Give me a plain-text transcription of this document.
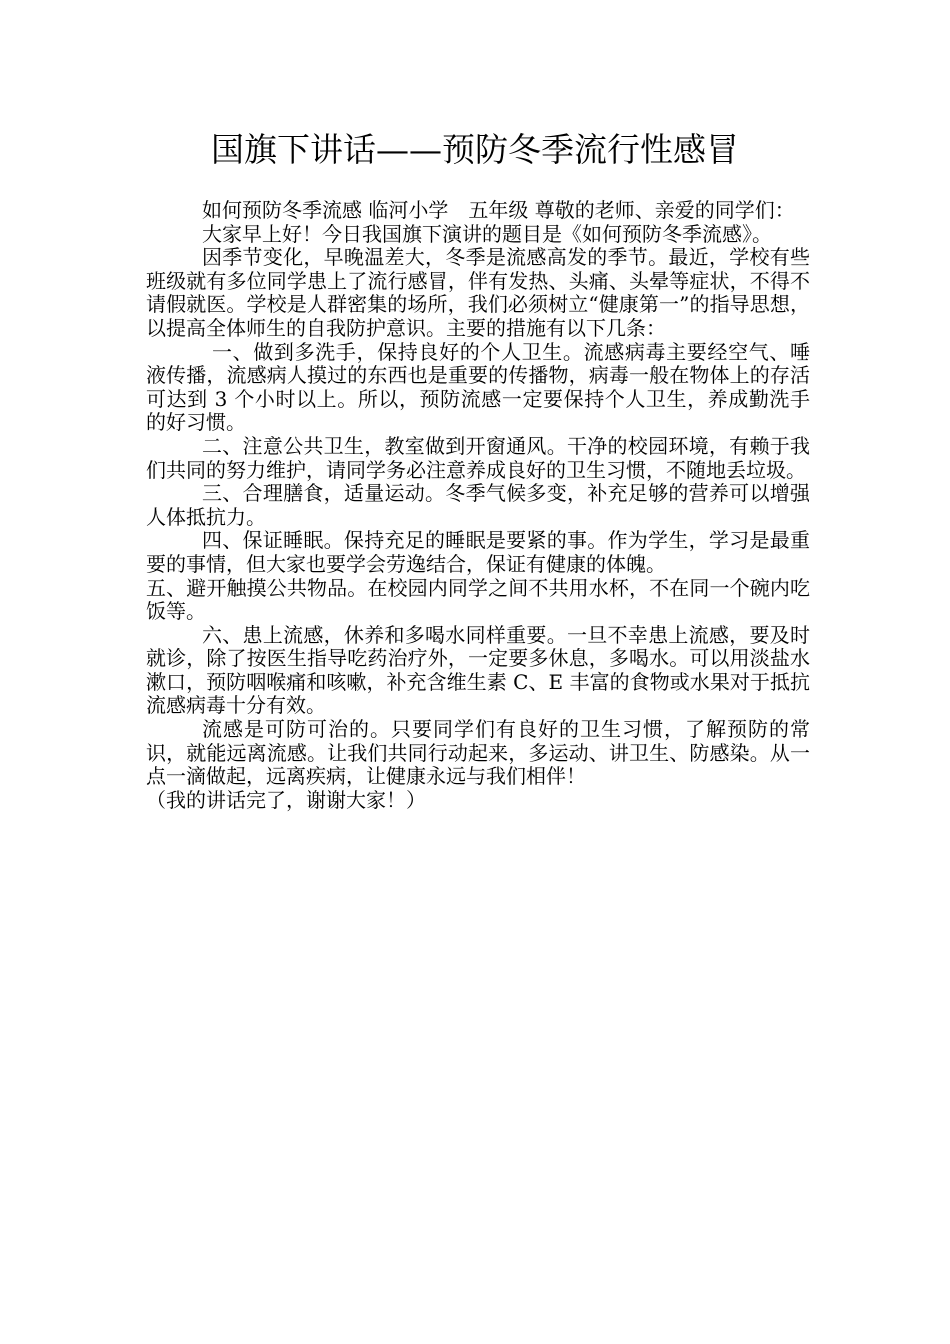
国旗下讲话——预防冬季流行性感冒

如何预防冬季流感 临河小学　五年级 尊敬的老师、亲爱的同学们：

大家早上好！今日我国旗下演讲的题目是《如何预防冬季流感》。

因季节变化，早晚温差大，冬季是流感高发的季节。最近，学校有些班级就有多位同学患上了流行感冒，伴有发热、头痛、头晕等症状，不得不请假就医。学校是人群密集的场所，我们必须树立“健康第一”的指导思想，以提高全体师生的自我防护意识。主要的措施有以下几条：

一、做到多洗手，保持良好的个人卫生。流感病毒主要经空气、唾液传播，流感病人摸过的东西也是重要的传播物，病毒一般在物体上的存活可达到 3 个小时以上。所以，预防流感一定要保持个人卫生，养成勤洗手的好习惯。

二、注意公共卫生，教室做到开窗通风。干净的校园环境，有赖于我们共同的努力维护，请同学务必注意养成良好的卫生习惯，不随地丢垃圾。

三、合理膳食，适量运动。冬季气候多变，补充足够的营养可以增强人体抵抗力。

四、保证睡眠。保持充足的睡眠是要紧的事。作为学生，学习是最重要的事情，但大家也要学会劳逸结合，保证有健康的体魄。

五、避开触摸公共物品。在校园内同学之间不共用水杯，不在同一个碗内吃饭等。

六、患上流感，休养和多喝水同样重要。一旦不幸患上流感，要及时就诊，除了按医生指导吃药治疗外，一定要多休息，多喝水。可以用淡盐水漱口，预防咽喉痛和咳嗽，补充含维生素 C、E 丰富的食物或水果对于抵抗流感病毒十分有效。

流感是可防可治的。只要同学们有良好的卫生习惯，了解预防的常识，就能远离流感。让我们共同行动起来，多运动、讲卫生、防感染。从一点一滴做起，远离疾病，让健康永远与我们相伴！

（我的讲话完了，谢谢大家！）
